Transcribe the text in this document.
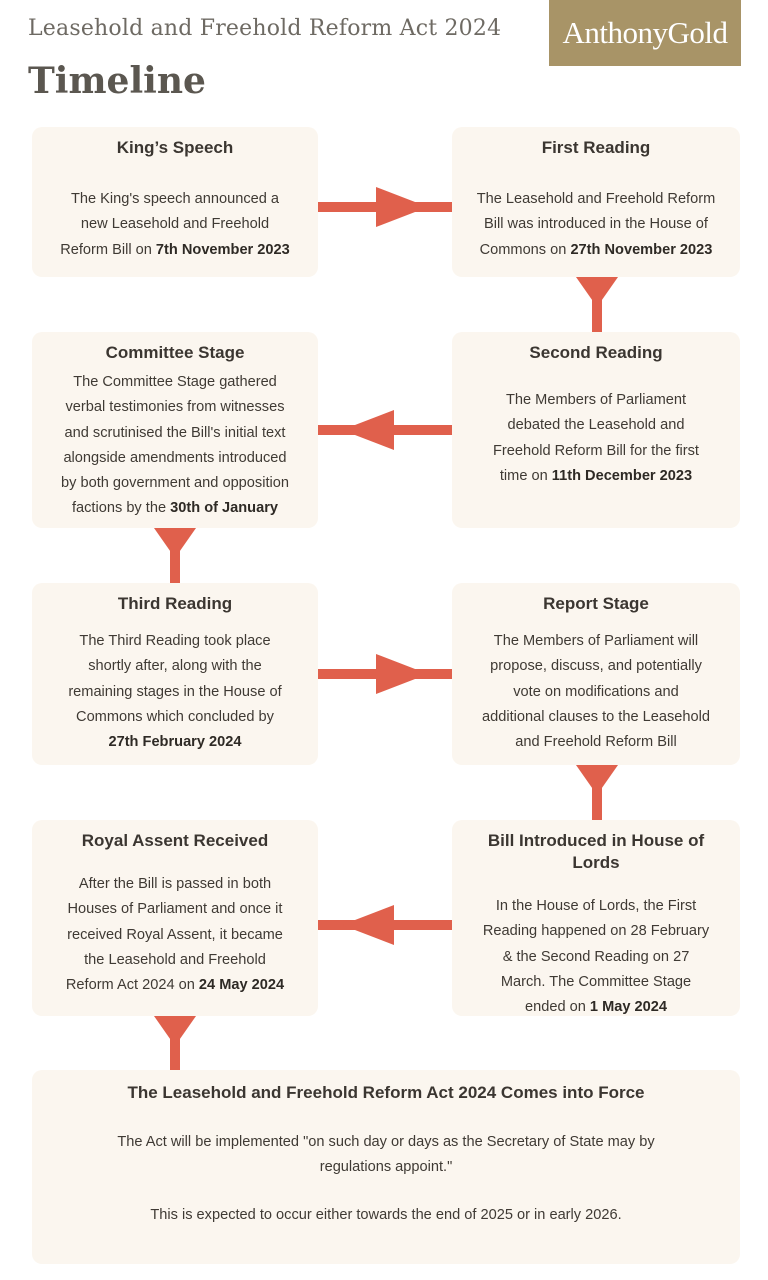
Leasehold and Freehold Reform Act 2024
Timeline
AnthonyGold
King’s Speech
The King's speech announced a
new Leasehold and Freehold
Reform Bill on 7th November 2023
First Reading
The Leasehold and Freehold Reform
Bill was introduced in the House of
Commons on 27th November 2023
Second Reading
The Members of Parliament
debated the Leasehold and
Freehold Reform Bill for the first
time on 11th December 2023
Committee Stage
The Committee Stage gathered
verbal testimonies from witnesses
and scrutinised the Bill's initial text
alongside amendments introduced
by both government and opposition
factions by the 30th of January
Third Reading
The Third Reading took place
shortly after, along with the
remaining stages in the House of
Commons which concluded by
27th February 2024
Report Stage
The Members of Parliament will
propose, discuss, and potentially
vote on modifications and
additional clauses to the Leasehold
and Freehold Reform Bill
Bill Introduced in House of Lords
In the House of Lords, the First
Reading happened on 28 February
& the Second Reading on 27
March. The Committee Stage
ended on 1 May 2024
Royal Assent Received
After the Bill is passed in both
Houses of Parliament and once it
received Royal Assent, it became
the Leasehold and Freehold
Reform Act 2024 on 24 May 2024
The Leasehold and Freehold Reform Act 2024 Comes into Force
The Act will be implemented "on such day or days as the Secretary of State may by
regulations appoint."
This is expected to occur either towards the end of 2025 or in early 2026.
